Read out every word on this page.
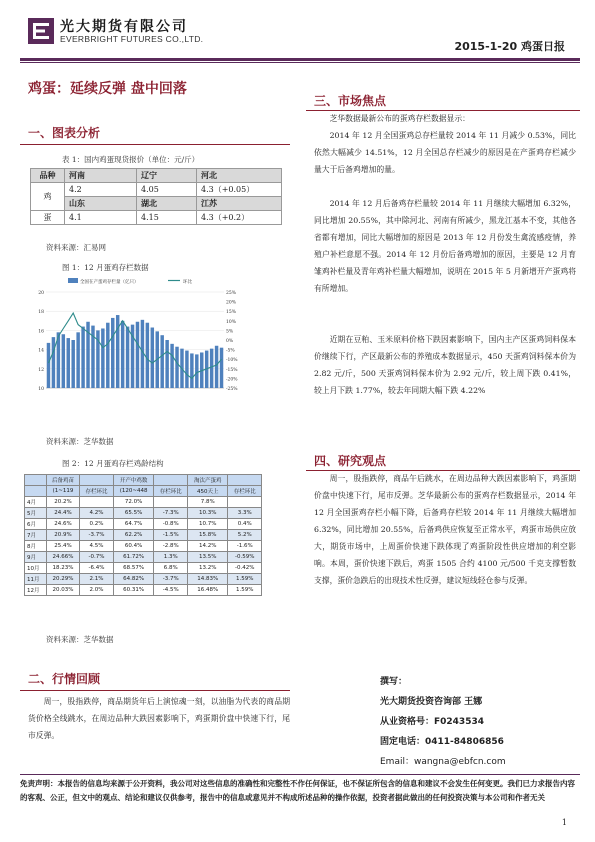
光大期货有限公司
EVERBRIGHT FUTURES CO.,LTD.
2015-1-20 鸡蛋日报
鸡蛋：延续反弹 盘中回落
一、图表分析
表 1：国内鸡蛋现货报价（单位：元/斤）
品种	河南	辽宁	河北
鸡	4.2	4.05	4.3（+0.05）
	山东	湖北	江苏
蛋	4.1	4.15	4.3（+0.2）
资料来源：汇易网
图 1：12 月蛋鸡存栏数据
全国在产蛋鸡存栏量（亿只）	环比
20
18
16
14
12
10
25%
20%
15%
10%
5%
0%
-5%
-10%
-15%
-20%
-25%
资料来源：芝华数据
图 2：12 月蛋鸡存栏鸡龄结构
	后备鸡苗		开产中鸡数		淘汰产蛋鸡	
	(1~119	存栏环比	(120~448	存栏环比	450天上	存栏环比
4月	20.2%		72.0%		7.8%	
5月	24.4%	4.2%	65.5%	-7.3%	10.3%	3.3%
6月	24.6%	0.2%	64.7%	-0.8%	10.7%	0.4%
7月	20.9%	-3.7%	62.2%	-1.5%	15.8%	5.2%
8月	25.4%	4.5%	60.4%	-2.8%	14.2%	-1.6%
9月	24.66%	-0.7%	61.72%	1.3%	13.5%	-0.59%
10月	18.23%	-6.4%	68.57%	6.8%	13.2%	-0.42%
11月	20.29%	2.1%	64.82%	-3.7%	14.83%	1.59%
12月	20.03%	2.0%	60.31%	-4.5%	16.48%	1.59%
资料来源：芝华数据
二、行情回顾
周一，股指跌停，商品期货年后上演惊魂一刻，以油脂为代表的商品期货价格全线跳水，在周边品种大跌因素影响下，鸡蛋期价盘中快速下行，尾市反弹。
三、市场焦点
芝华数据最新公布的蛋鸡存栏数据显示：
2014 年 12 月全国蛋鸡总存栏量较 2014 年 11 月减少 0.53%，同比依然大幅减少 14.51%，12 月全国总存栏减少的原因是在产蛋鸡存栏减少量大于后备鸡增加的量。
2014 年 12 月后备鸡存栏量较 2014 年 11 月继续大幅增加 6.32%，同比增加 20.55%，其中除河北、河南有所减少，黑龙江基本不变，其他各省都有增加，同比大幅增加的原因是 2013 年 12 月份发生禽流感疫情，养殖户补栏意愿不强。2014 年 12 月份后备鸡增加的原因，主要是 12 月育雏鸡补栏量及青年鸡补栏量大幅增加，说明在 2015 年 5 月新增开产蛋鸡将有所增加。
近期在豆粕、玉米原料价格下跌因素影响下，国内主产区蛋鸡饲料保本价继续下行，产区最新公布的养殖成本数据显示，450 天蛋鸡饲料保本价为 2.82 元/斤，500 天蛋鸡饲料保本价为 2.92 元/斤，较上周下跌 0.41%，较上月下跌 1.77%，较去年同期大幅下跌 4.22%
四、研究观点
周一，股指跌停，商品午后跳水，在周边品种大跌因素影响下，鸡蛋期价盘中快速下行，尾市反弹。芝华最新公布的蛋鸡存栏数据显示，2014 年 12 月全国蛋鸡存栏小幅下降，后备鸡存栏较 2014 年 11 月继续大幅增加 6.32%，同比增加 20.55%，后备鸡供应恢复至正常水平，鸡蛋市场供应放大，期货市场中，上周蛋价快速下跌体现了鸡蛋阶段性供应增加的利空影响。本周，蛋价快速下跌后，鸡蛋 1505 合约 4100 元/500 千克支撑暂数支撑，蛋价急跌后的出现技术性反弹，建议短线轻仓参与反弹。
撰写：
光大期货投资咨询部 王娜
从业资格号：F0243534
固定电话：0411-84806856
Email：wangna@ebfcn.com
免责声明：本报告的信息均来源于公开资料，我公司对这些信息的准确性和完整性不作任何保证，也不保证所包含的信息和建议不会发生任何变更。我们已力求报告内容的客观、公正，但文中的观点、结论和建议仅供参考，报告中的信息或意见并不构成所述品种的操作依据，投资者据此做出的任何投资决策与本公司和作者无关
1
